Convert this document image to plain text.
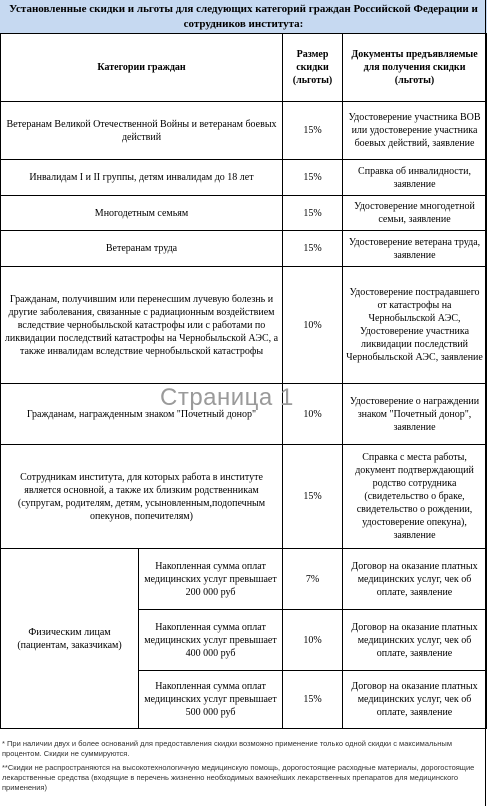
Установленные скидки и льготы для следующих категорий граждан Российской Федерации и сотрудников института:
Категории граждан		Размер скидки (льготы)	Документы предъявляемые для получения скидки (льготы)
Ветеранам Великой Отечественной Войны и ветеранам боевых действий		15%	Удостоверение участника ВОВ или удостоверение участника боевых действий, заявление
Инвалидам I и II группы, детям инвалидам до 18 лет		15%	Справка об инвалидности, заявление
Многодетным семьям		15%	Удостоверение многодетной семьи, заявление
Ветеранам труда		15%	Удостоверение ветерана труда, заявление
Гражданам, получившим или перенесшим лучевую болезнь и другие заболевания, связанные с радиационным воздействием вследствие чернобыльской катастрофы или с работами по ликвидации последствий катастрофы на Чернобыльской АЭС, а также инвалидам вследствие чернобыльской катастрофы		10%	Удостоверение пострадавшего от катастрофы на Чернобыльской АЭС, Удостоверение участника ликвидации последствий Чернобыльской АЭС, заявление
Гражданам, награжденным знаком "Почетный донор"		10%	Удостоверение о награждении знаком "Почетный донор", заявление
Сотрудникам института, для которых работа в институте является основной, а также их близким родственникам (супругам, родителям, детям, усыновленным,подопечным опекунов, попечителям)		15%	Справка с места работы, документ подтверждающий родство сотрудника (свидетельство о браке, свидетельство о рождении, удостоверение опекуна), заявление
Физическим лицам (пациентам, заказчикам)	Накопленная сумма оплат медицинских услуг превышает 200 000 руб	7%	Договор на оказание платных медицинских услуг, чек об оплате, заявление
	Накопленная сумма оплат медицинских услуг превышает 400 000 руб	10%	Договор на оказание платных медицинских услуг, чек об оплате, заявление
	Накопленная сумма оплат медицинских услуг превышает 500 000 руб	15%	Договор на оказание платных медицинских услуг, чек об оплате, заявление
Страница 1

* При наличии двух и более оснований для предоставления скидки возможно применение только одной скидки с максимальным процентом. Скидки не суммируются.

**Скидки не распространяются на высокотехнологичную медицинскую помощь, дорогостоящие расходные материалы, дорогостоящие лекарственные средства (входящие в перечень жизненно необходимых важнейших лекарственных препаратов для медицинского применения)
